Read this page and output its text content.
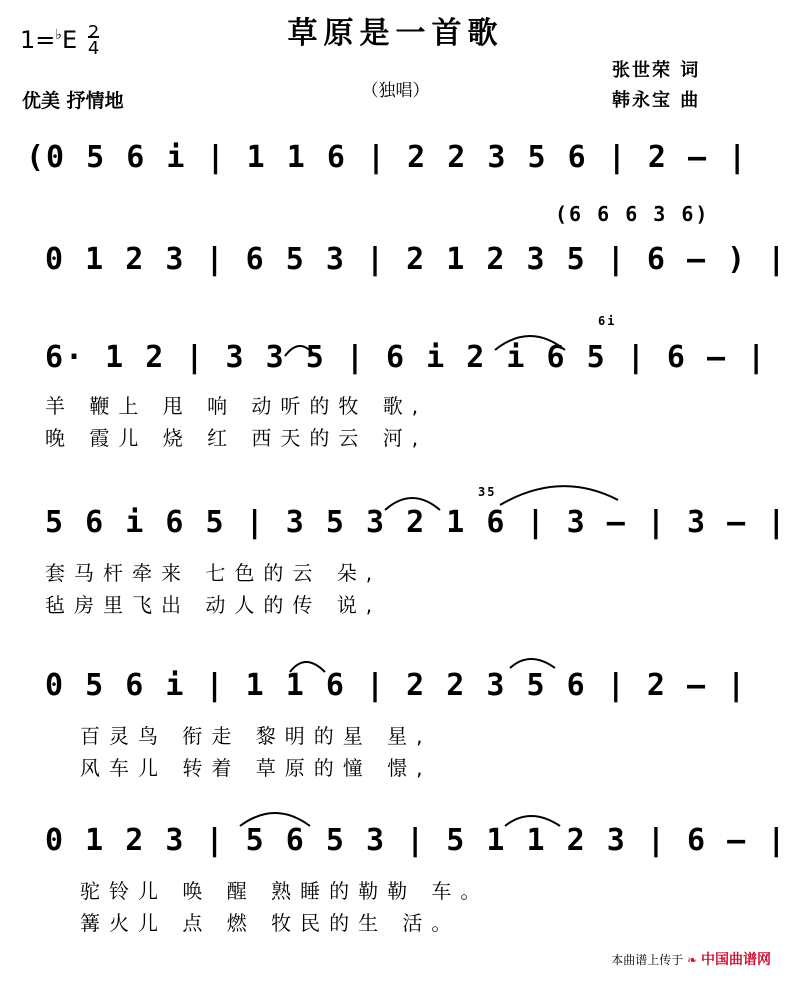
1=♭E 2
4	草原是一首歌
（独唱）
优美 抒情地
张世荣 词
韩永宝 曲
(0 5 6 i | 1 1 6 | 2 2 3 5 6 | 2 — |
(6 6 6 3 6)
0 1 2 3 | 6 5 3 | 2 1 2 3 5 | 6 — ) |
6i
6· 1 2 | 3 3 5 | 6 i 2 i 6 5 | 6 — |
羊 鞭上 甩 响 动听的牧 歌,
晚 霞儿 烧 红 西天的云 河,
35
5 6 i 6 5 | 3 5 3 2 1 6 | 3 — | 3 — |
套马杆牵来 七色的云 朵,
毡房里飞出 动人的传 说,
0 5 6 i | 1 1 6 | 2 2 3 5 6 | 2 — |
百灵鸟 衔走 黎明的星 星,
风车儿 转着 草原的憧 憬,
0 1 2 3 | 5 6 5 3 | 5 1 1 2 3 | 6 — |
驼铃儿 唤 醒 熟睡的勒勒 车。
篝火儿 点 燃 牧民的生 活。
本曲谱上传于 ❧ 中国曲谱网
